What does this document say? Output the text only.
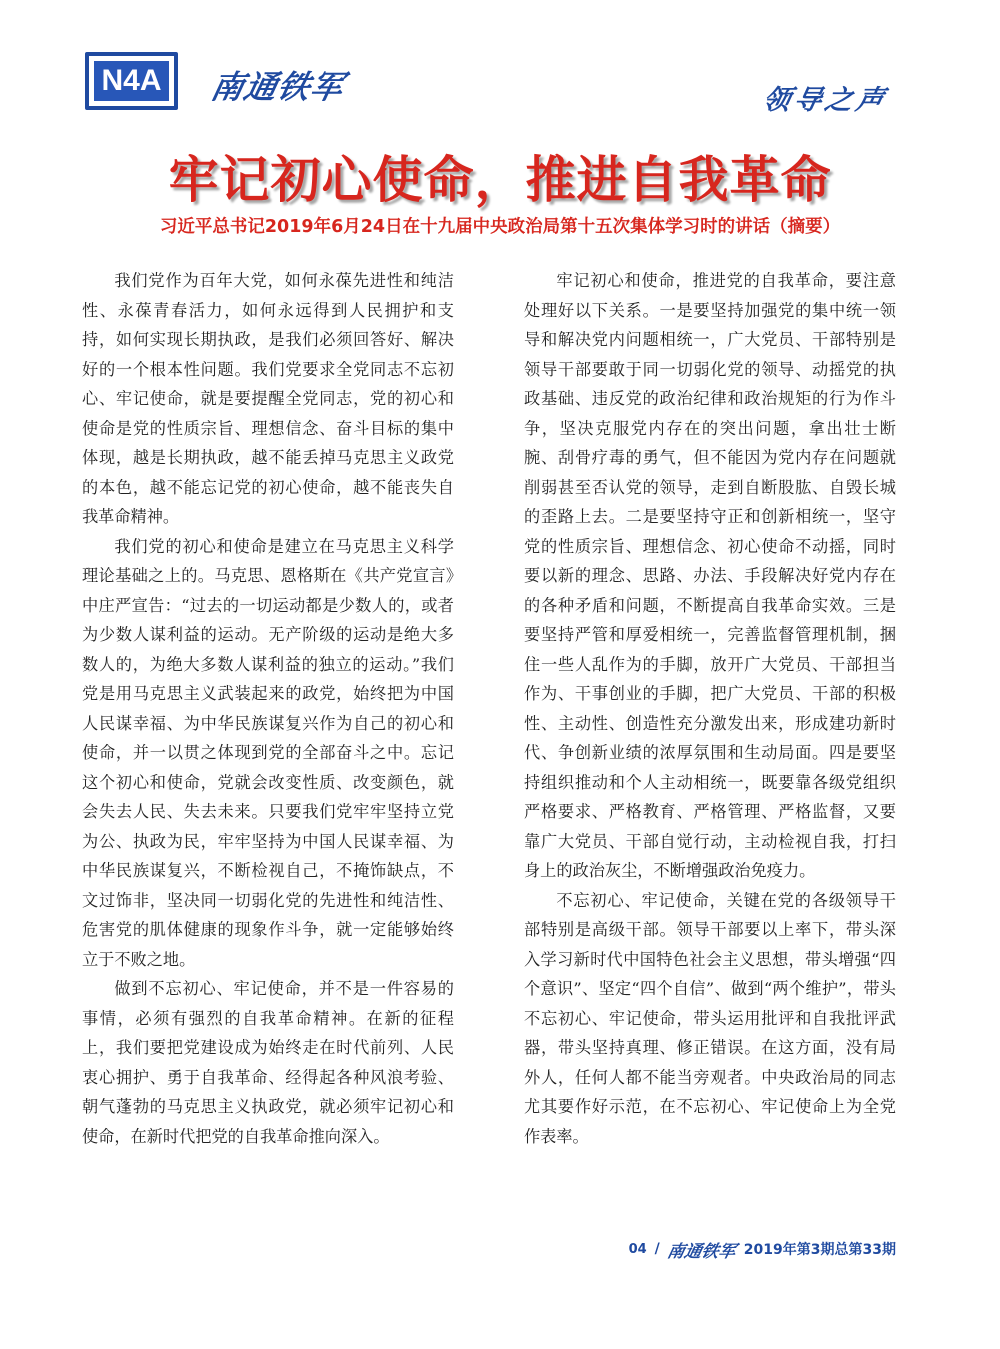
N4A 南通铁军	领导之声
牢记初心使命，推进自我革命
习近平总书记2019年6月24日在十九届中央政治局第十五次集体学习时的讲话（摘要）

我们党作为百年大党，如何永葆先进性和纯洁性、永葆青春活力，如何永远得到人民拥护和支持，如何实现长期执政，是我们必须回答好、解决好的一个根本性问题。我们党要求全党同志不忘初心、牢记使命，就是要提醒全党同志，党的初心和使命是党的性质宗旨、理想信念、奋斗目标的集中体现，越是长期执政，越不能丢掉马克思主义政党的本色，越不能忘记党的初心使命，越不能丧失自我革命精神。

我们党的初心和使命是建立在马克思主义科学理论基础之上的。马克思、恩格斯在《共产党宣言》中庄严宣告：“过去的一切运动都是少数人的，或者为少数人谋利益的运动。无产阶级的运动是绝大多数人的，为绝大多数人谋利益的独立的运动。”我们党是用马克思主义武装起来的政党，始终把为中国人民谋幸福、为中华民族谋复兴作为自己的初心和使命，并一以贯之体现到党的全部奋斗之中。忘记这个初心和使命，党就会改变性质、改变颜色，就会失去人民、失去未来。只要我们党牢牢坚持立党为公、执政为民，牢牢坚持为中国人民谋幸福、为中华民族谋复兴，不断检视自己，不掩饰缺点，不文过饰非，坚决同一切弱化党的先进性和纯洁性、危害党的肌体健康的现象作斗争，就一定能够始终立于不败之地。

做到不忘初心、牢记使命，并不是一件容易的事情，必须有强烈的自我革命精神。在新的征程上，我们要把党建设成为始终走在时代前列、人民衷心拥护、勇于自我革命、经得起各种风浪考验、朝气蓬勃的马克思主义执政党，就必须牢记初心和使命，在新时代把党的自我革命推向深入。

牢记初心和使命，推进党的自我革命，要注意处理好以下关系。一是要坚持加强党的集中统一领导和解决党内问题相统一，广大党员、干部特别是领导干部要敢于同一切弱化党的领导、动摇党的执政基础、违反党的政治纪律和政治规矩的行为作斗争，坚决克服党内存在的突出问题，拿出壮士断腕、刮骨疗毒的勇气，但不能因为党内存在问题就削弱甚至否认党的领导，走到自断股肱、自毁长城的歪路上去。二是要坚持守正和创新相统一，坚守党的性质宗旨、理想信念、初心使命不动摇，同时要以新的理念、思路、办法、手段解决好党内存在的各种矛盾和问题，不断提高自我革命实效。三是要坚持严管和厚爱相统一，完善监督管理机制，捆住一些人乱作为的手脚，放开广大党员、干部担当作为、干事创业的手脚，把广大党员、干部的积极性、主动性、创造性充分激发出来，形成建功新时代、争创新业绩的浓厚氛围和生动局面。四是要坚持组织推动和个人主动相统一，既要靠各级党组织严格要求、严格教育、严格管理、严格监督，又要靠广大党员、干部自觉行动，主动检视自我，打扫身上的政治灰尘，不断增强政治免疫力。

不忘初心、牢记使命，关键在党的各级领导干部特别是高级干部。领导干部要以上率下，带头深入学习新时代中国特色社会主义思想，带头增强“四个意识”、坚定“四个自信”、做到“两个维护”，带头不忘初心、牢记使命，带头运用批评和自我批评武器，带头坚持真理、修正错误。在这方面，没有局外人，任何人都不能当旁观者。中央政治局的同志尤其要作好示范，在不忘初心、牢记使命上为全党作表率。

04 / 南通铁军 2019年第3期总第33期
